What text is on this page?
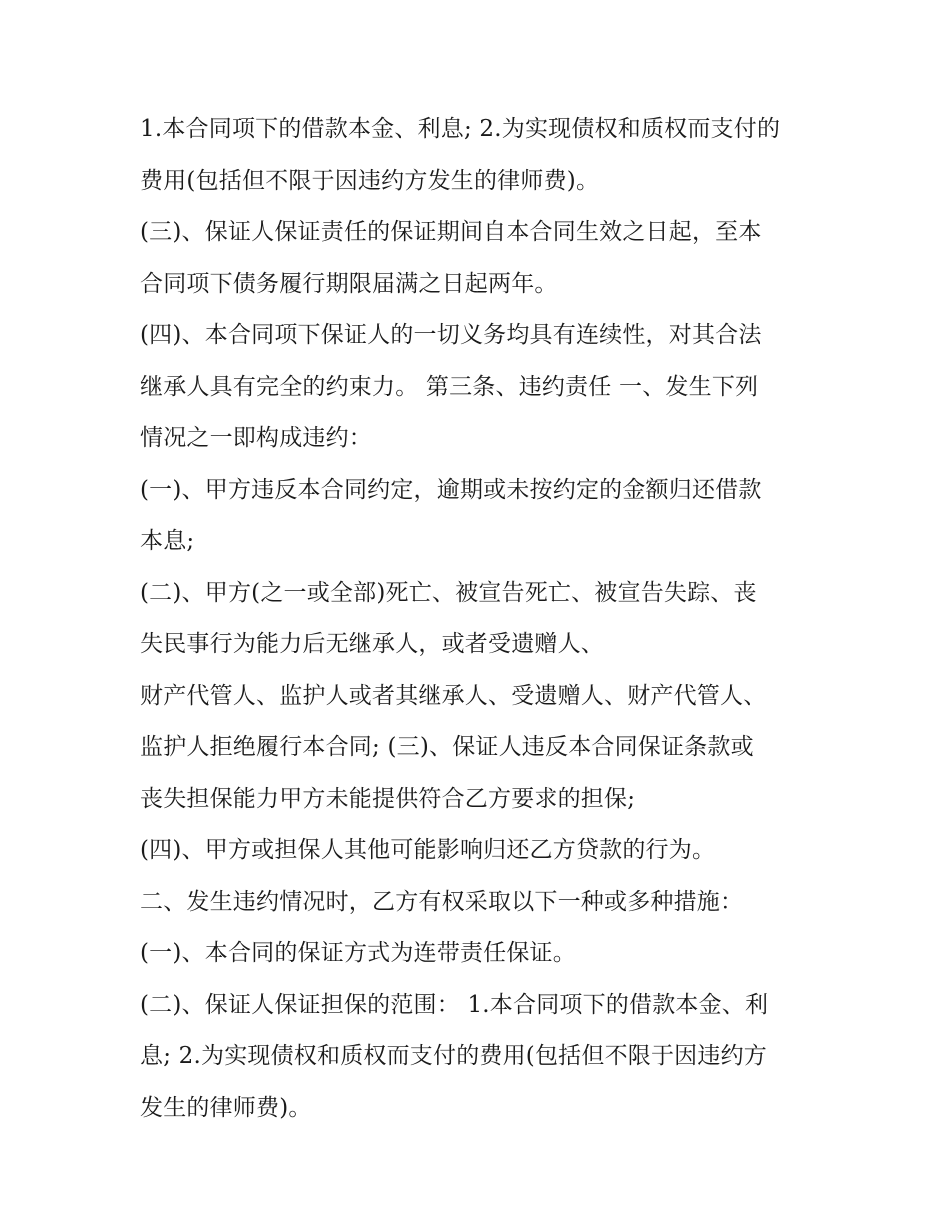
1.本合同项下的借款本金、利息; 2.为实现债权和质权而支付的
费用(包括但不限于因违约方发生的律师费)。
(三)、保证人保证责任的保证期间自本合同生效之日起，至本
合同项下债务履行期限届满之日起两年。
(四)、本合同项下保证人的一切义务均具有连续性，对其合法
继承人具有完全的约束力。 第三条、违约责任 一、发生下列
情况之一即构成违约：
(一)、甲方违反本合同约定，逾期或未按约定的金额归还借款
本息;
(二)、甲方(之一或全部)死亡、被宣告死亡、被宣告失踪、丧
失民事行为能力后无继承人，或者受遗赠人、
财产代管人、监护人或者其继承人、受遗赠人、财产代管人、
监护人拒绝履行本合同; (三)、保证人违反本合同保证条款或
丧失担保能力甲方未能提供符合乙方要求的担保;
(四)、甲方或担保人其他可能影响归还乙方贷款的行为。
二、发生违约情况时，乙方有权采取以下一种或多种措施：
(一)、本合同的保证方式为连带责任保证。
(二)、保证人保证担保的范围： 1.本合同项下的借款本金、利
息; 2.为实现债权和质权而支付的费用(包括但不限于因违约方
发生的律师费)。
